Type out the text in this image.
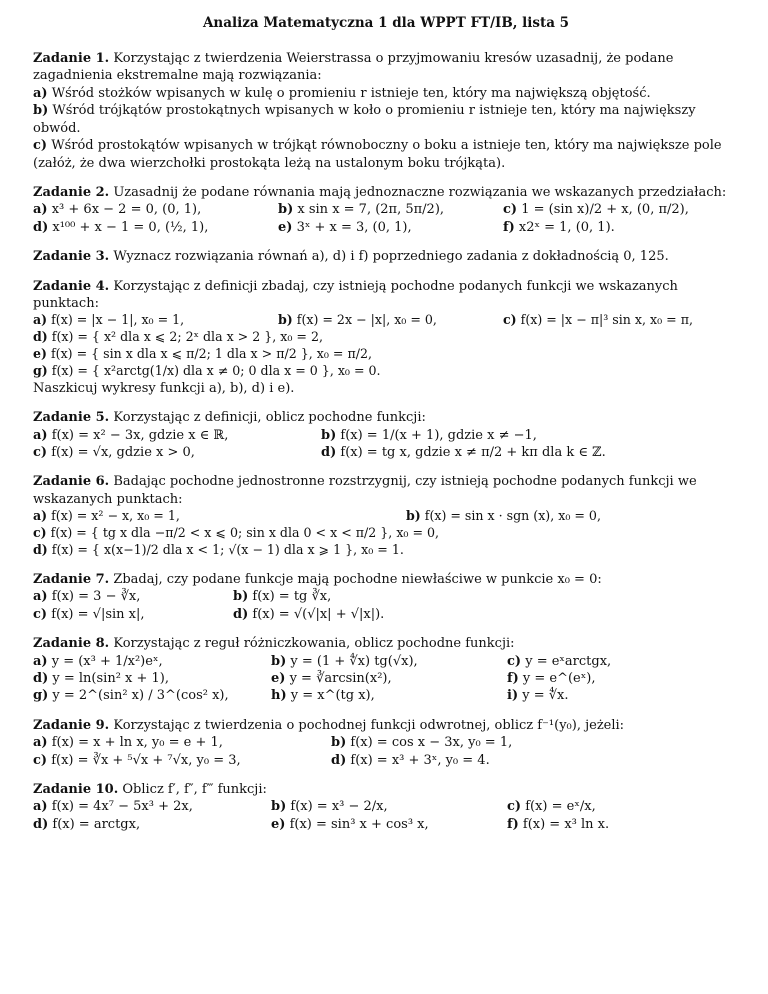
Analiza Matematyczna 1 dla WPPT FT/IB, lista 5

Zadanie 1. Korzystając z twierdzenia Weierstrassa o przyjmowaniu kresów uzasadnij, że podane zagadnienia ekstremalne mają rozwiązania:

a) Wśród stożków wpisanych w kulę o promieniu r istnieje ten, który ma największą objętość.

b) Wśród trójkątów prostokątnych wpisanych w koło o promieniu r istnieje ten, który ma największy obwód.

c) Wśród prostokątów wpisanych w trójkąt równoboczny o boku a istnieje ten, który ma największe pole (załóż, że dwa wierzchołki prostokąta leżą na ustalonym boku trójkąta).

Zadanie 2. Uzasadnij że podane równania mają jednoznaczne rozwiązania we wskazanych przedziałach:

a) x³ + 6x − 2 = 0, (0, 1),	b) x sin x = 7, (2π, 5π/2),	c) 1 = (sin x)/2 + x, (0, π/2),
d) x¹⁰⁰ + x − 1 = 0, (½, 1),	e) 3ˣ + x = 3, (0, 1),	f) x2ˣ = 1, (0, 1).

Zadanie 3. Wyznacz rozwiązania równań a), d) i f) poprzedniego zadania z dokładnością 0, 125.

Zadanie 4. Korzystając z definicji zbadaj, czy istnieją pochodne podanych funkcji we wskazanych punktach:

a) f(x) = |x − 1|, x₀ = 1,	b) f(x) = 2x − |x|, x₀ = 0,	c) f(x) = |x − π|³ sin x, x₀ = π,

d) f(x) = { x² dla x ⩽ 2; 2ˣ dla x > 2 }, x₀ = 2,

e) f(x) = { sin x dla x ⩽ π/2; 1 dla x > π/2 }, x₀ = π/2,

g) f(x) = { x²arctg(1/x) dla x ≠ 0; 0 dla x = 0 }, x₀ = 0.

Naszkicuj wykresy funkcji a), b), d) i e).

Zadanie 5. Korzystając z definicji, oblicz pochodne funkcji:

a) f(x) = x² − 3x, gdzie x ∈ ℝ,	b) f(x) = 1/(x + 1), gdzie x ≠ −1,
c) f(x) = √x, gdzie x > 0,	d) f(x) = tg x, gdzie x ≠ π/2 + kπ dla k ∈ ℤ.

Zadanie 6. Badając pochodne jednostronne rozstrzygnij, czy istnieją pochodne podanych funkcji we wskazanych punktach:

a) f(x) = x² − x, x₀ = 1,	b) f(x) = sin x · sgn (x), x₀ = 0,

c) f(x) = { tg x dla −π/2 < x ⩽ 0; sin x dla 0 < x < π/2 }, x₀ = 0,

d) f(x) = { x(x−1)/2 dla x < 1; √(x − 1) dla x ⩾ 1 }, x₀ = 1.

Zadanie 7. Zbadaj, czy podane funkcje mają pochodne niewłaściwe w punkcie x₀ = 0:

a) f(x) = 3 − ∛x,	b) f(x) = tg ∛x,
c) f(x) = √|sin x|,	d) f(x) = √(√|x| + √|x|).

Zadanie 8. Korzystając z reguł różniczkowania, oblicz pochodne funkcji:

a) y = (x³ + 1/x²)eˣ,	b) y = (1 + ∜x) tg(√x),	c) y = eˣarctgx,
d) y = ln(sin² x + 1),	e) y = ∛arcsin(x²),	f) y = e^(eˣ),
g) y = 2^(sin² x) / 3^(cos² x),	h) y = x^(tg x),	i) y = ∜x.

Zadanie 9. Korzystając z twierdzenia o pochodnej funkcji odwrotnej, oblicz f⁻¹(y₀), jeżeli:

a) f(x) = x + ln x, y₀ = e + 1,	b) f(x) = cos x − 3x, y₀ = 1,
c) f(x) = ∛x + ⁵√x + ⁷√x, y₀ = 3,	d) f(x) = x³ + 3ˣ, y₀ = 4.

Zadanie 10. Oblicz f′, f″, f‴ funkcji:

a) f(x) = 4x⁷ − 5x³ + 2x,	b) f(x) = x³ − 2/x,	c) f(x) = eˣ/x,
d) f(x) = arctgx,	e) f(x) = sin³ x + cos³ x,	f) f(x) = x³ ln x.
